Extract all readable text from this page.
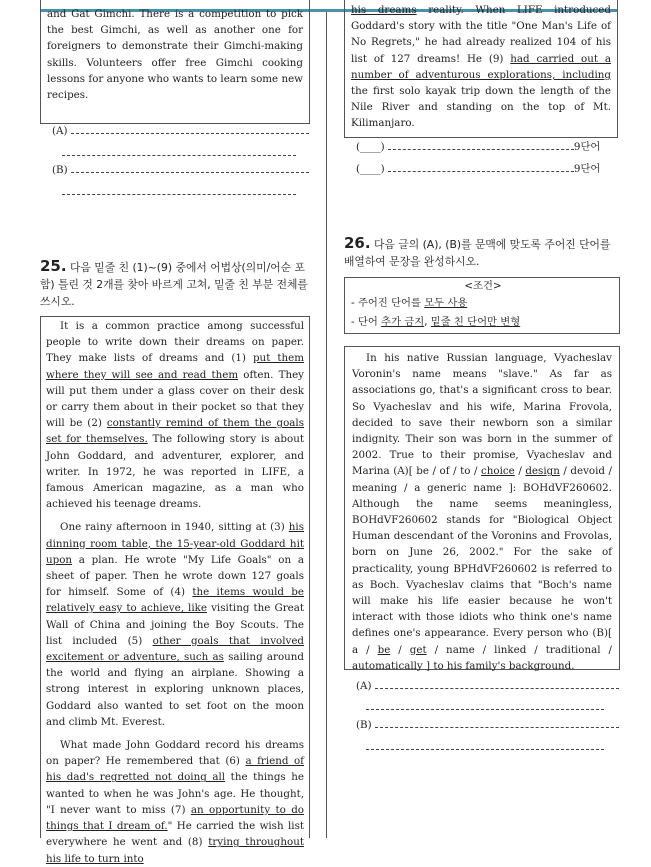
and Gat Gimchi. There is a competition to pick the best Gimchi, as well as another one for foreigners to demonstrate their Gimchi-making skills. Volunteers offer free Gimchi cooking lessons for anyone who wants to learn some new recipes.
(A)
(B)
25. 다음 밑줄 친 (1)~(9) 중에서 어법상(의미/어순 포함) 틀린 것 2개를 찾아 바르게 고쳐, 밑줄 친 부분 전체를 쓰시오.

It is a common practice among successful people to write down their dreams on paper. They make lists of dreams and (1) put them where they will see and read them often. They will put them under a glass cover on their desk or carry them about in their pocket so that they will be (2) constantly remind of them the goals set for themselves. The following story is about John Goddard, and adventurer, explorer, and writer. In 1972, he was reported in LIFE, a famous American magazine, as a man who achieved his teenage dreams.

One rainy afternoon in 1940, sitting at (3) his dinning room table, the 15-year-old Goddard hit upon a plan. He wrote "My Life Goals" on a sheet of paper. Then he wrote down 127 goals for himself. Some of (4) the items would be relatively easy to achieve, like visiting the Great Wall of China and joining the Boy Scouts. The list included (5) other goals that involved excitement or adventure, such as sailing around the world and flying an airplane. Showing a strong interest in exploring unknown places, Goddard also wanted to set foot on the moon and climb Mt. Everest.

What made John Goddard record his dreams on paper? He remembered that (6) a friend of his dad's regretted not doing all the things he wanted to when he was John's age. He thought, "I never want to miss (7) an opportunity to do things that I dream of." He carried the wish list everywhere he went and (8) trying throughout his life to turn into

his dreams reality. When LIFE introduced Goddard's story with the title "One Man's Life of No Regrets," he had already realized 104 of his list of 127 dreams! He (9) had carried out a number of adventurous explorations, including the first solo kayak trip down the length of the Nile River and standing on the top of Mt. Kilimanjaro.
(____)	9단어
(____)	9단어
26. 다음 글의 (A), (B)를 문맥에 맞도록 주어진 단어를 배열하여 문장을 완성하시오.
<조건>
- 주어진 단어를 모두 사용
- 단어 추가 금지, 밑줄 친 단어만 변형
In his native Russian language, Vyacheslav Voronin's name means "slave." As far as associations go, that's a significant cross to bear. So Vyacheslav and his wife, Marina Frovola, decided to save their newborn son a similar indignity. Their son was born in the summer of 2002. True to their promise, Vyacheslav and Marina (A)[ be / of / to / choice / design / devoid / meaning / a generic name ]: BOHdVF260602. Although the name seems meaningless, BOHdVF260602 stands for "Biological Object Human descendant of the Voronins and Frovolas, born on June 26, 2002." For the sake of practicality, young BPHdVF260602 is referred to as Boch. Vyacheslav claims that "Boch's name will make his life easier because he won't interact with those idiots who think one's name defines one's appearance. Every person who (B)[ a / be / get / name / linked / traditional / automatically ] to his family's background.
(A)
(B)
